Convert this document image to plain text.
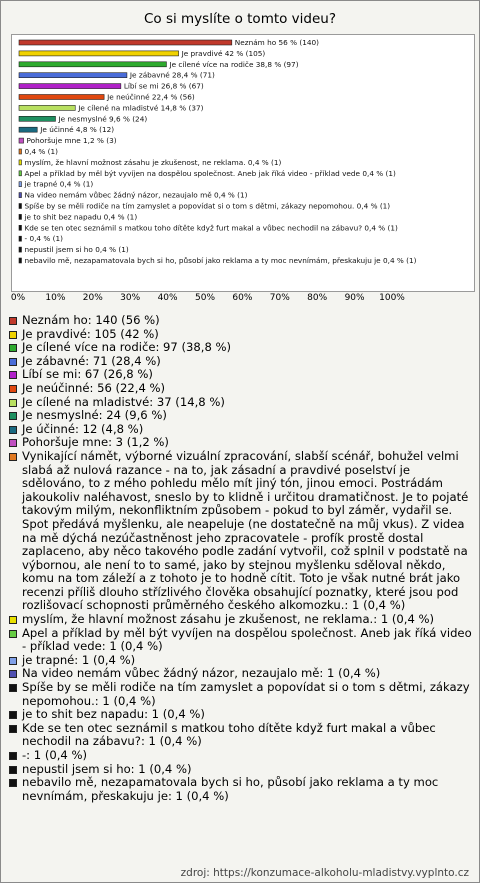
Co si myslíte o tomto videu?
Neznám ho 56 % (140)
Je pravdivé 42 % (105)
Je cílené více na rodiče 38,8 % (97)
Je zábavné 28,4 % (71)
Líbí se mi 26,8 % (67)
Je neúčinné 22,4 % (56)
Je cílené na mladistvé 14,8 % (37)
Je nesmyslné 9,6 % (24)
Je účinné 4,8 % (12)
Pohoršuje mne 1,2 % (3)
0,4 % (1)
myslím, že hlavní možnost zásahu je zkušenost, ne reklama. 0,4 % (1)
Apel a příklad by měl být vyvíjen na dospělou společnost. Aneb jak říká video - příklad vede 0,4 % (1)
je trapné 0,4 % (1)
Na video nemám vůbec žádný názor, nezaujalo mě 0,4 % (1)
Spíše by se měli rodiče na tím zamyslet a popovídat si o tom s dětmi, zákazy nepomohou. 0,4 % (1)
je to shit bez napadu 0,4 % (1)
Kde se ten otec seznámil s matkou toho dítěte když furt makal a vůbec nechodil na zábavu? 0,4 % (1)
- 0,4 % (1)
nepustil jsem si ho 0,4 % (1)
nebavilo mě, nezapamatovala bych si ho, působí jako reklama a ty moc nevnímám, přeskakuju je 0,4 % (1)
0% 10% 20% 30% 40% 50% 60% 70% 80% 90% 100%
Neznám ho: 140 (56 %)
Je pravdivé: 105 (42 %)
Je cílené více na rodiče: 97 (38,8 %)
Je zábavné: 71 (28,4 %)
Líbí se mi: 67 (26,8 %)
Je neúčinné: 56 (22,4 %)
Je cílené na mladistvé: 37 (14,8 %)
Je nesmyslné: 24 (9,6 %)
Je účinné: 12 (4,8 %)
Pohoršuje mne: 3 (1,2 %)
Vynikající námět, výborné vizuální zpracování, slabší scénář, bohužel velmi slabá až nulová razance - na to, jak zásadní a pravdivé poselství je sdělováno, to z mého pohledu mělo mít jiný tón, jinou emoci. Postrádám jakoukoliv naléhavost, sneslo by to klidně i určitou dramatičnost. Je to pojaté takovým milým, nekonfliktním způsobem - pokud to byl záměr, vydařil se. Spot předává myšlenku, ale neapeluje (ne dostatečně na můj vkus). Z videa na mě dýchá nezúčastněnost jeho zpracovatele - profík prostě dostal zaplaceno, aby něco takového podle zadání vytvořil, což splnil v podstatě na výbornou, ale není to to samé, jako by stejnou myšlenku sděloval někdo, komu na tom záleží a z tohoto je to hodně cítit. Toto je však nutné brát jako recenzi příliš dlouho střízlivého člověka obsahující poznatky, které jsou pod rozlišovací schopnosti průměrného českého alkomozku.: 1 (0,4 %)
myslím, že hlavní možnost zásahu je zkušenost, ne reklama.: 1 (0,4 %)
Apel a příklad by měl být vyvíjen na dospělou společnost. Aneb jak říká video - příklad vede: 1 (0,4 %)
je trapné: 1 (0,4 %)
Na video nemám vůbec žádný názor, nezaujalo mě: 1 (0,4 %)
Spíše by se měli rodiče na tím zamyslet a popovídat si o tom s dětmi, zákazy nepomohou.: 1 (0,4 %)
je to shit bez napadu: 1 (0,4 %)
Kde se ten otec seznámil s matkou toho dítěte když furt makal a vůbec nechodil na zábavu?: 1 (0,4 %)
-: 1 (0,4 %)
nepustil jsem si ho: 1 (0,4 %)
nebavilo mě, nezapamatovala bych si ho, působí jako reklama a ty moc nevnímám, přeskakuju je: 1 (0,4 %)
zdroj: https://konzumace-alkoholu-mladistvy.vyplnto.cz
